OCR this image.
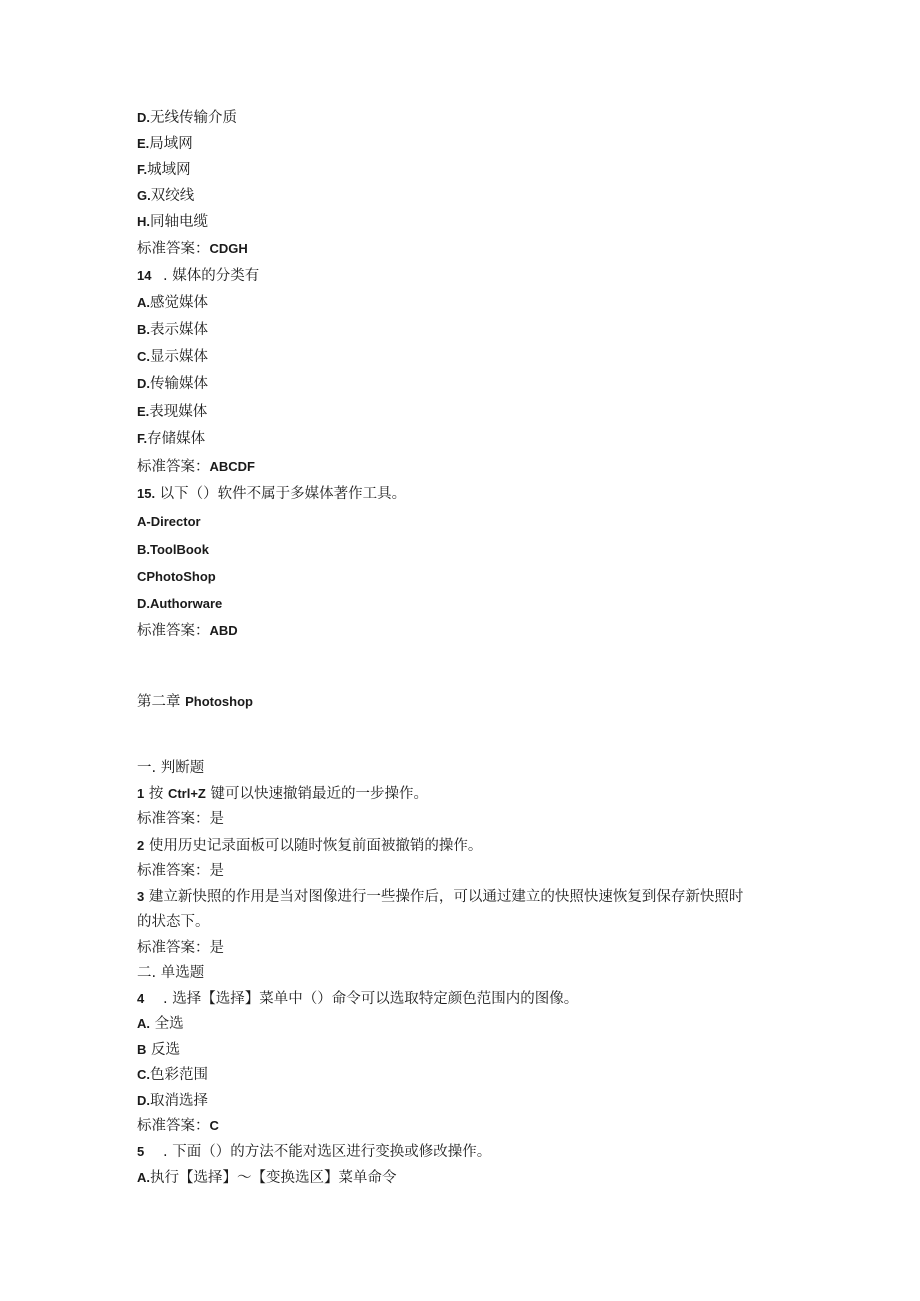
D.无线传输介质

E.局域网

F.城域网

G.双绞线

H.同轴电缆

标准答案：CDGH

14 . 媒体的分类有

A.感觉媒体

B.表示媒体

C.显示媒体

D.传输媒体

E.表现媒体

F.存储媒体

标准答案：ABCDF

15. 以下（）软件不属于多媒体著作工具。

A-Director

B.ToolBook

CPhotoShop

D.Authorware

标准答案：ABD

第二章 Photoshop

一. 判断题

1 按 Ctrl+Z 键可以快速撤销最近的一步操作。

标准答案：是

2 使用历史记录面板可以随时恢复前面被撤销的操作。

标准答案：是

3 建立新快照的作用是当对图像进行一些操作后，可以通过建立的快照快速恢复到保存新快照时

的状态下。

标准答案：是

二. 单选题

4 . 选择【选择】菜单中（）命令可以选取特定颜色范围内的图像。

A. 全选

B 反选

C.色彩范围

D.取消选择

标准答案：C

5 . 下面（）的方法不能对选区进行变换或修改操作。

A.执行【选择】～【变换选区】菜单命令
